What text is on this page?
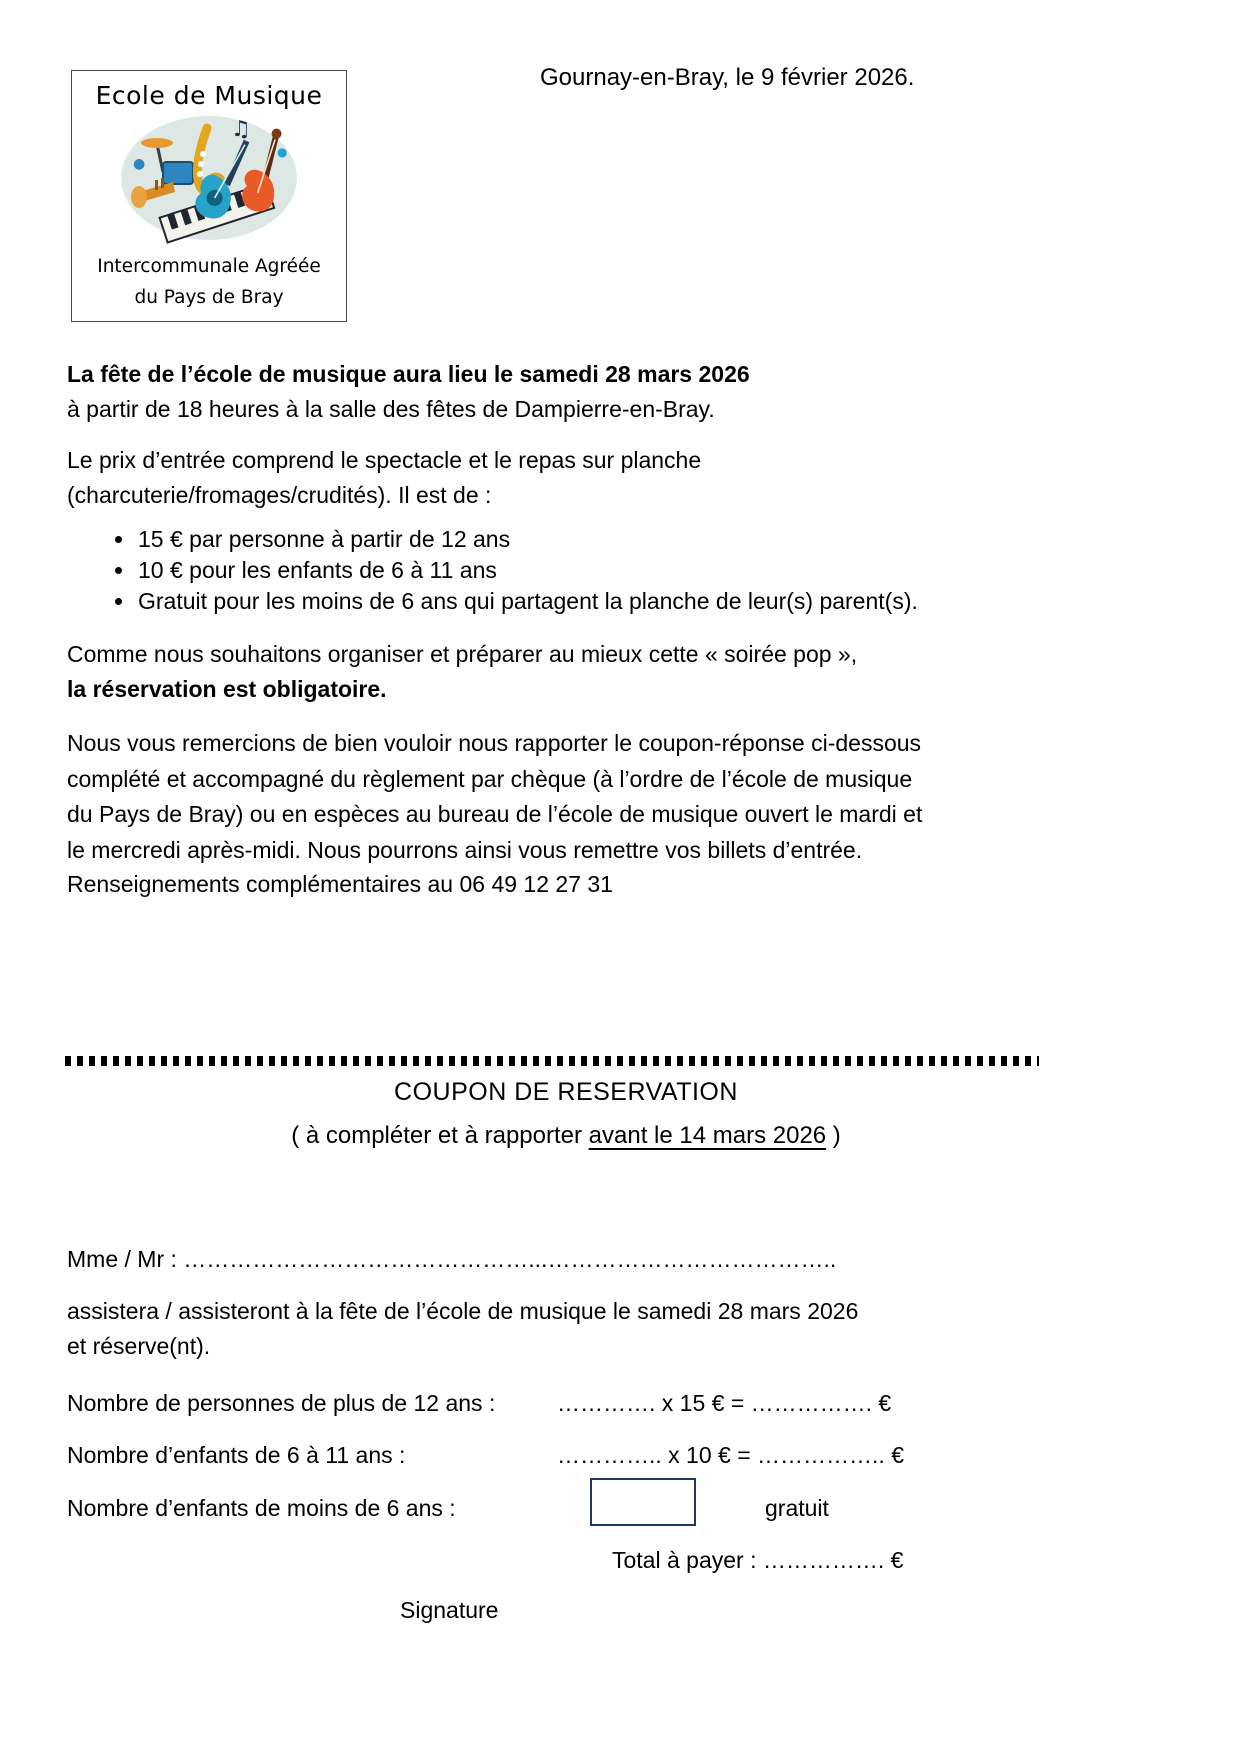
Ecole de Musique
♫
●
●
Intercommunale Agréée
du Pays de Bray
Gournay-en-Bray, le 9 février 2026.
La fête de l’école de musique aura lieu le samedi 28 mars 2026
à partir de 18 heures à la salle des fêtes de Dampierre-en-Bray.
Le prix d’entrée comprend le spectacle et le repas sur planche
(charcuterie/fromages/crudités). Il est de :
• 15 € par personne à partir de 12 ans
• 10 € pour les enfants de 6 à 11 ans
• Gratuit pour les moins de 6 ans qui partagent la planche de leur(s) parent(s).
Comme nous souhaitons organiser et préparer au mieux cette « soirée pop »,
la réservation est obligatoire.
Nous vous remercions de bien vouloir nous rapporter le coupon-réponse ci-dessous
complété et accompagné du règlement par chèque (à l’ordre de l’école de musique
du Pays de Bray) ou en espèces au bureau de l’école de musique ouvert le mardi et
le mercredi après-midi. Nous pourrons ainsi vous remettre vos billets d’entrée.
Renseignements complémentaires au 06 49 12 27 31
COUPON DE RESERVATION
( à compléter et à rapporter avant le 14 mars 2026 )
Mme / Mr : ………………………………………...………………………………..
assistera / assisteront à la fête de l’école de musique le samedi 28 mars 2026
et réserve(nt).
Nombre de personnes de plus de 12 ans :	…………. x 15 € = ……………. €
Nombre d’enfants de 6 à 11 ans :	………….. x 10 € = …………….. €
Nombre d’enfants de moins de 6 ans :	gratuit
Total à payer : ……………. €
Signature
